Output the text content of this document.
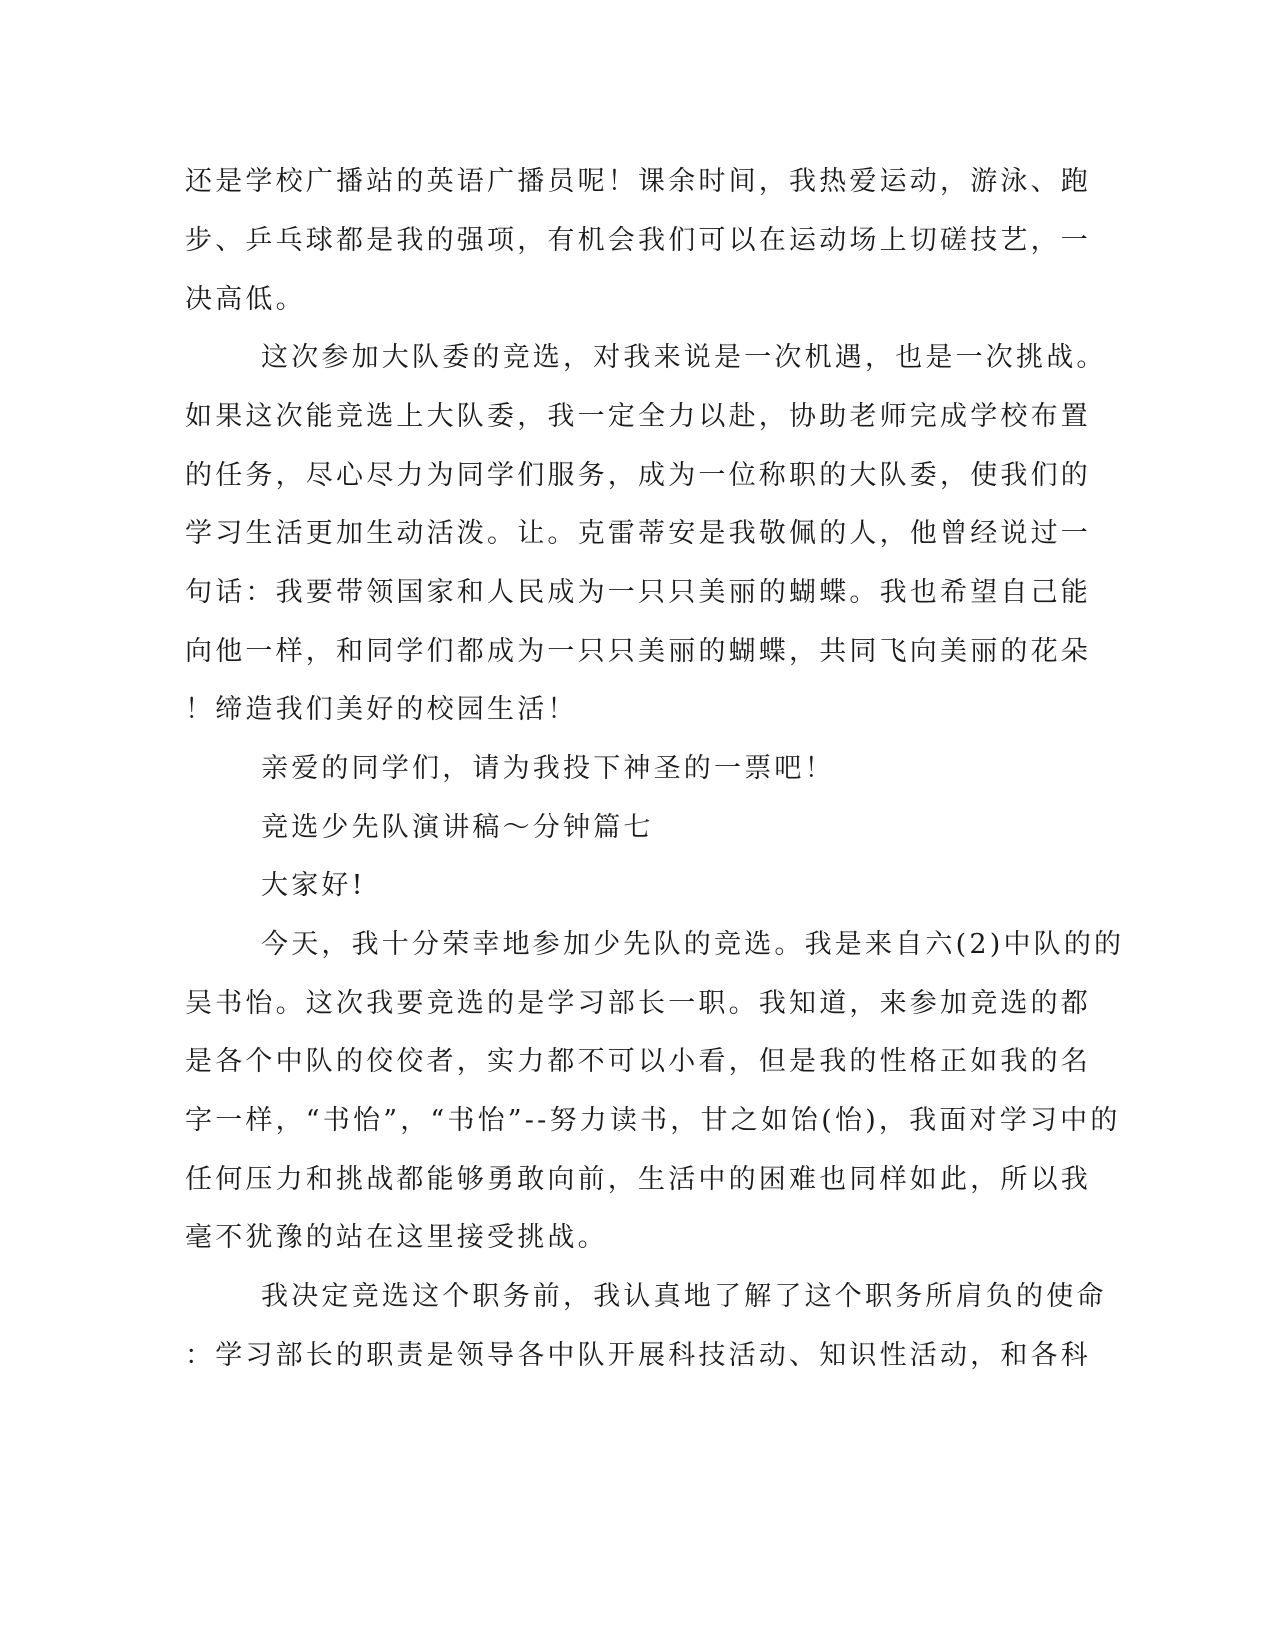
还是学校广播站的英语广播员呢！课余时间，我热爱运动，游泳、跑
步、乒乓球都是我的强项，有机会我们可以在运动场上切磋技艺，一
决高低。
这次参加大队委的竞选，对我来说是一次机遇，也是一次挑战。
如果这次能竞选上大队委，我一定全力以赴，协助老师完成学校布置
的任务，尽心尽力为同学们服务，成为一位称职的大队委，使我们的
学习生活更加生动活泼。让。克雷蒂安是我敬佩的人，他曾经说过一
句话：我要带领国家和人民成为一只只美丽的蝴蝶。我也希望自己能
向他一样，和同学们都成为一只只美丽的蝴蝶，共同飞向美丽的花朵
！缔造我们美好的校园生活！
亲爱的同学们，请为我投下神圣的一票吧！
竞选少先队演讲稿～分钟篇七
大家好!
今天，我十分荣幸地参加少先队的竞选。我是来自六(2)中队的的
吴书怡。这次我要竞选的是学习部长一职。我知道，来参加竞选的都
是各个中队的佼佼者，实力都不可以小看，但是我的性格正如我的名
字一样，“书怡”，“书怡”--努力读书，甘之如饴(怡)，我面对学习中的
任何压力和挑战都能够勇敢向前，生活中的困难也同样如此，所以我
毫不犹豫的站在这里接受挑战。
我决定竞选这个职务前，我认真地了解了这个职务所肩负的使命
：学习部长的职责是领导各中队开展科技活动、知识性活动，和各科
